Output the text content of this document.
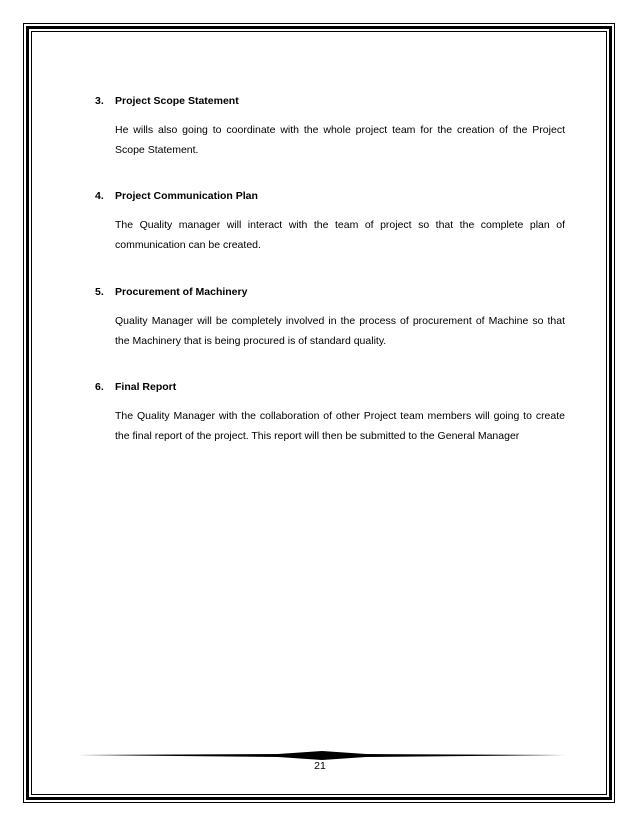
3. Project Scope Statement
He wills also going to coordinate with the whole project team for the creation of the Project Scope Statement.
4. Project Communication Plan
The Quality manager will interact with the team of project so that the complete plan of communication can be created.
5. Procurement of Machinery
Quality Manager will be completely involved in the process of procurement of Machine so that the Machinery that is being procured is of standard quality.
6. Final Report
The Quality Manager with the collaboration of other Project team members will going to create the final report of the project. This report will then be submitted to the General Manager
21
